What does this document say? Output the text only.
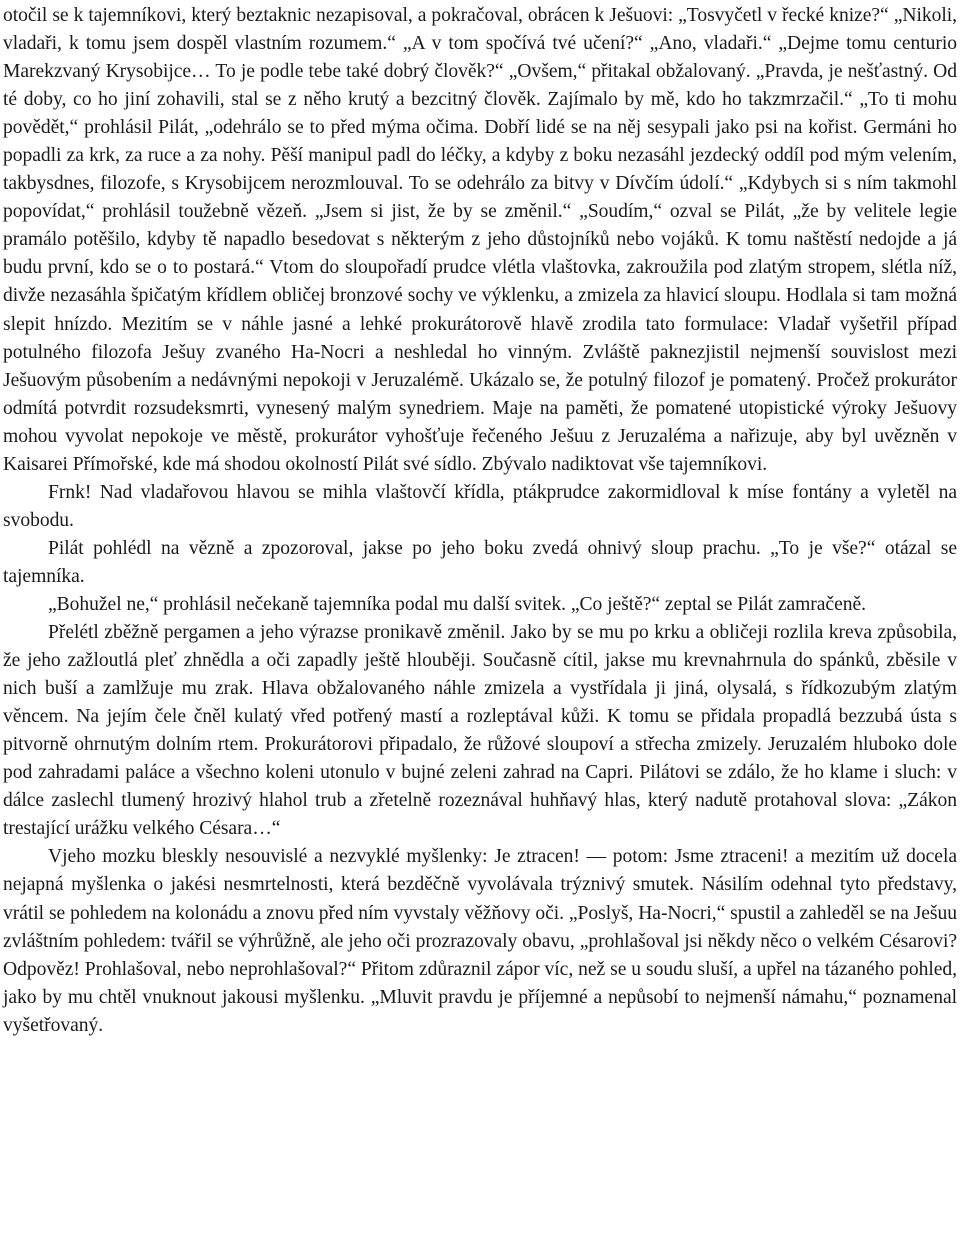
otočil se k tajemníkovi, který beztaknic nezapisoval, a pokračoval, obrácen k Ješuovi: „Tosvyčetl v řecké knize?“ „Nikoli, vladaři, k tomu jsem dospěl vlastním rozumem.“ „A v tom spočívá tvé učení?“ „Ano, vladaři.“ „Dejme tomu centurio Marekzvaný Krysobijce… To je podle tebe také dobrý člověk?“ „Ovšem,“ přitakal obžalovaný. „Pravda, je nešťastný. Od té doby, co ho jiní zohavili, stal se z něho krutý a bezcitný člověk. Zajímalo by mě, kdo ho takzmrzačil.“ „To ti mohu povědět,“ prohlásil Pilát, „odehrálo se to před mýma očima. Dobří lidé se na něj sesypali jako psi na kořist. Germáni ho popadli za krk, za ruce a za nohy. Pěší manipul padl do léčky, a kdyby z boku nezasáhl jezdecký oddíl pod mým velením, takbysdnes, filozofe, s Krysobijcem nerozmlouval. To se odehrálo za bitvy v Dívčím údolí.“ „Kdybych si s ním takmohl popovídat,“ prohlásil toužebně vězeň. „Jsem si jist, že by se změnil.“ „Soudím,“ ozval se Pilát, „že by velitele legie pramálo potěšilo, kdyby tě napadlo besedovat s některým z jeho důstojníků nebo vojáků. K tomu naštěstí nedojde a já budu první, kdo se o to postará.“ Vtom do sloupořadí prudce vlétla vlaštovka, zakroužila pod zlatým stropem, slétla níž, divže nezasáhla špičatým křídlem obličej bronzové sochy ve výklenku, a zmizela za hlavicí sloupu. Hodlala si tam možná slepit hnízdo. Mezitím se v náhle jasné a lehké prokurátorově hlavě zrodila tato formulace: Vladař vyšetřil případ potulného filozofa Ješuy zvaného Ha-Nocri a neshledal ho vinným. Zvláště paknezjistil nejmenší souvislost mezi Ješuovým působením a nedávnými nepokoji v Jeruzalémě. Ukázalo se, že potulný filozof je pomatený. Pročež prokurátor odmítá potvrdit rozsudeksmrti, vynesený malým synedriem. Maje na paměti, že pomatené utopistické výroky Ješuovy mohou vyvolat nepokoje ve městě, prokurátor vyhošťuje řečeného Ješuu z Jeruzaléma a nařizuje, aby byl uvězněn v Kaisarei Přímořské, kde má shodou okolností Pilát své sídlo. Zbývalo nadiktovat vše tajemníkovi.

Frnk! Nad vladařovou hlavou se mihla vlaštovčí křídla, ptákprudce zakormidloval k míse fontány a vyletěl na svobodu.

Pilát pohlédl na vězně a zpozoroval, jakse po jeho boku zvedá ohnivý sloup prachu. „To je vše?“ otázal se tajemníka.

„Bohužel ne,“ prohlásil nečekaně tajemníka podal mu další svitek. „Co ještě?“ zeptal se Pilát zamračeně.

Přelétl zběžně pergamen a jeho výrazse pronikavě změnil. Jako by se mu po krku a obličeji rozlila kreva způsobila, že jeho zažloutlá pleť zhnědla a oči zapadly ještě hlouběji. Současně cítil, jakse mu krevnahrnula do spánků, zběsile v nich buší a zamlžuje mu zrak. Hlava obžalovaného náhle zmizela a vystřídala ji jiná, olysalá, s řídkozubým zlatým věncem. Na jejím čele čněl kulatý vřed potřený mastí a rozleptával kůži. K tomu se přidala propadlá bezzubá ústa s pitvorně ohrnutým dolním rtem. Prokurátorovi připadalo, že růžové sloupoví a střecha zmizely. Jeruzalém hluboko dole pod zahradami paláce a všechno koleni utonulo v bujné zeleni zahrad na Capri. Pilátovi se zdálo, že ho klame i sluch: v dálce zaslechl tlumený hrozivý hlahol trub a zřetelně rozeznával huhňavý hlas, který nadutě protahoval slova: „Zákon trestající urážku velkého Césara…“

Vjeho mozku bleskly nesouvislé a nezvyklé myšlenky: Je ztracen! — potom: Jsme ztraceni! a mezitím už docela nejapná myšlenka o jakési nesmrtelnosti, která bezděčně vyvolávala trýznivý smutek. Násilím odehnal tyto představy, vrátil se pohledem na kolonádu a znovu před ním vyvstaly věžňovy oči. „Poslyš, Ha-Nocri,“ spustil a zahleděl se na Ješuu zvláštním pohledem: tvářil se výhrůžně, ale jeho oči prozrazovaly obavu, „prohlašoval jsi někdy něco o velkém Césarovi? Odpověz! Prohlašoval, nebo neprohlašoval?“ Přitom zdůraznil zápor víc, než se u soudu sluší, a upřel na tázaného pohled, jako by mu chtěl vnuknout jakousi myšlenku. „Mluvit pravdu je příjemné a nepůsobí to nejmenší námahu,“ poznamenal vyšetřovaný.
